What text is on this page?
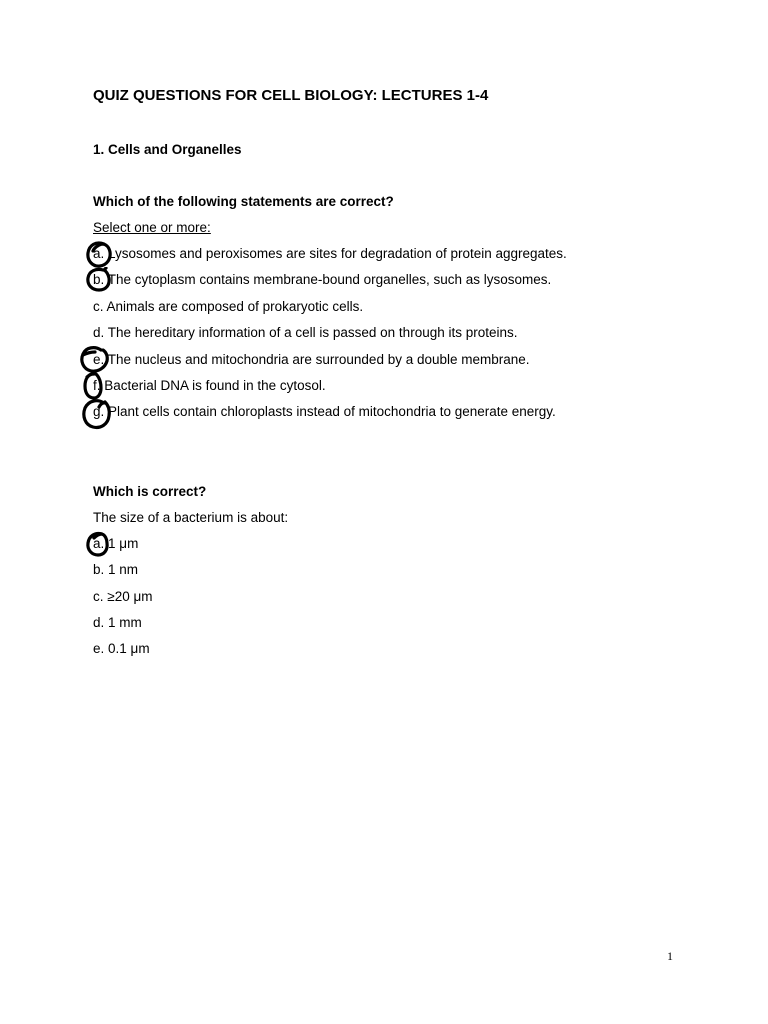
QUIZ QUESTIONS FOR CELL BIOLOGY: LECTURES 1-4
1. Cells and Organelles
Which of the following statements are correct?
Select one or more:
a. Lysosomes and peroxisomes are sites for degradation of protein aggregates.
b. The cytoplasm contains membrane-bound organelles, such as lysosomes.
c. Animals are composed of prokaryotic cells.
d. The hereditary information of a cell is passed on through its proteins.
e. The nucleus and mitochondria are surrounded by a double membrane.
f. Bacterial DNA is found in the cytosol.
g. Plant cells contain chloroplasts instead of mitochondria to generate energy.
Which is correct?
The size of a bacterium is about:
a. 1 μm
b. 1 nm
c. ≥20 μm
d. 1 mm
e. 0.1 μm
1
